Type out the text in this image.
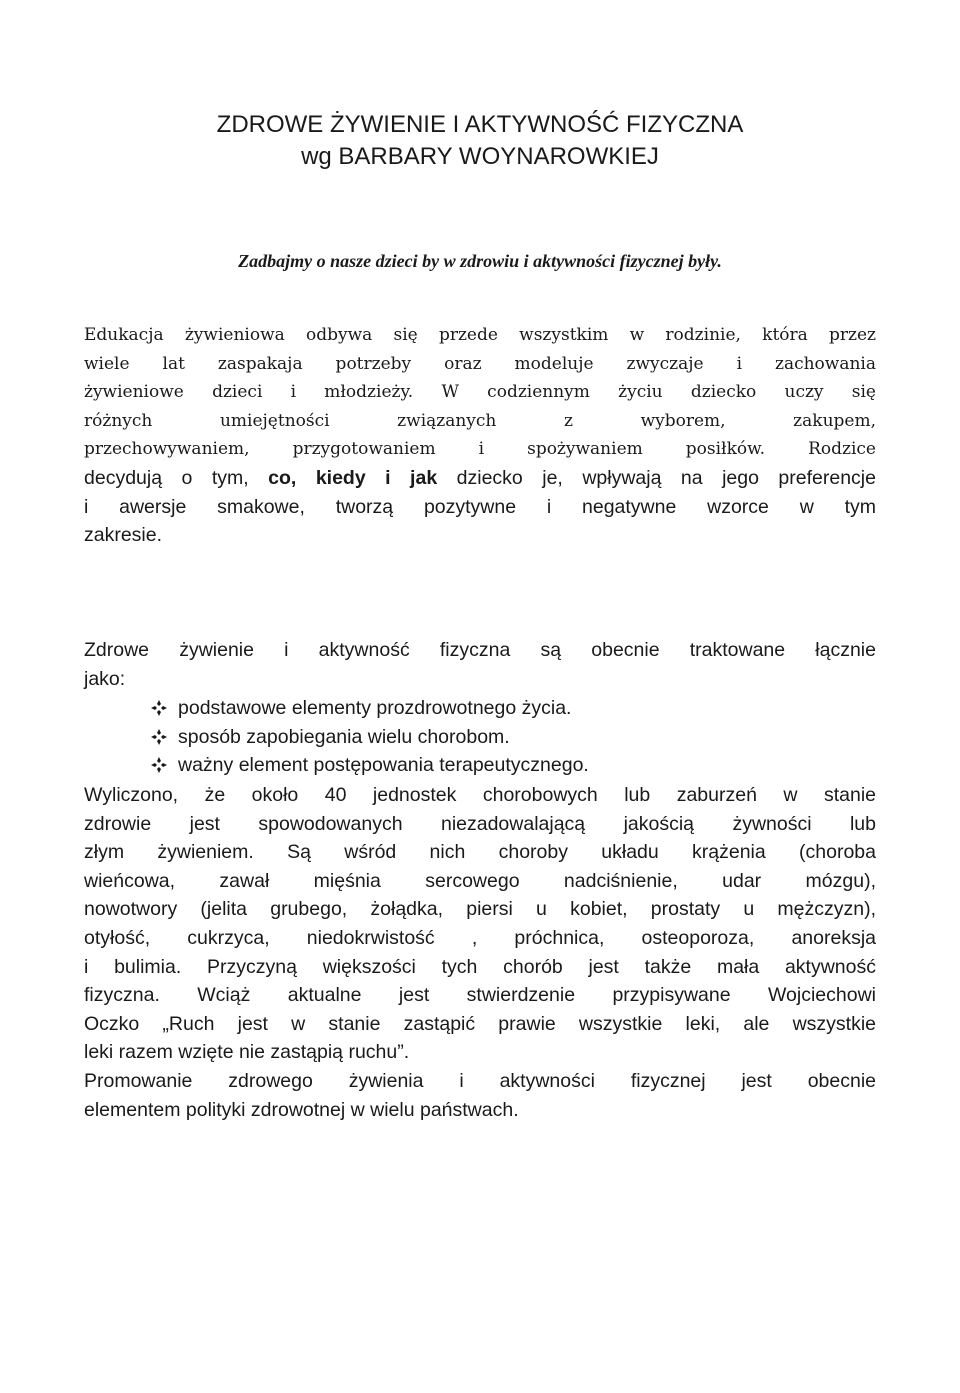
ZDROWE ŻYWIENIE I AKTYWNOŚĆ FIZYCZNA
wg BARBARY WOYNAROWKIEJ

Zadbajmy o nasze dzieci by w zdrowiu i aktywności fizycznej były.

Edukacja żywieniowa odbywa się przede wszystkim w rodzinie, która przez
wiele lat zaspakaja potrzeby oraz modeluje zwyczaje i zachowania
żywieniowe dzieci i młodzieży. W codziennym życiu dziecko uczy się
różnych umiejętności związanych z wyborem, zakupem,
przechowywaniem, przygotowaniem i spożywaniem posiłków.	Rodzice
decydują o tym, co, kiedy i jak dziecko je, wpływają na jego preferencje
i awersje smakowe, tworzą pozytywne i negatywne wzorce w tym
zakresie.
Zdrowe żywienie i aktywność fizyczna są obecnie traktowane łącznie
jako:
podstawowe elementy prozdrowotnego życia.
sposób zapobiegania wielu chorobom.
ważny element postępowania terapeutycznego.
Wyliczono, że około 40 jednostek chorobowych lub zaburzeń w stanie
zdrowie jest spowodowanych niezadowalającą jakością żywności lub
złym żywieniem. Są wśród nich choroby układu krążenia (choroba
wieńcowa, zawał mięśnia sercowego nadciśnienie, udar mózgu),
nowotwory (jelita grubego, żołądka, piersi u kobiet, prostaty u mężczyzn),
otyłość, cukrzyca, niedokrwistość , próchnica, osteoporoza, anoreksja
i bulimia. Przyczyną większości tych chorób jest także mała aktywność
fizyczna. Wciąż aktualne jest stwierdzenie przypisywane Wojciechowi
Oczko „Ruch jest w stanie zastąpić prawie wszystkie leki, ale wszystkie
leki razem wzięte nie zastąpią ruchu”.
Promowanie zdrowego żywienia i aktywności fizycznej jest obecnie
elementem polityki zdrowotnej w wielu państwach.
